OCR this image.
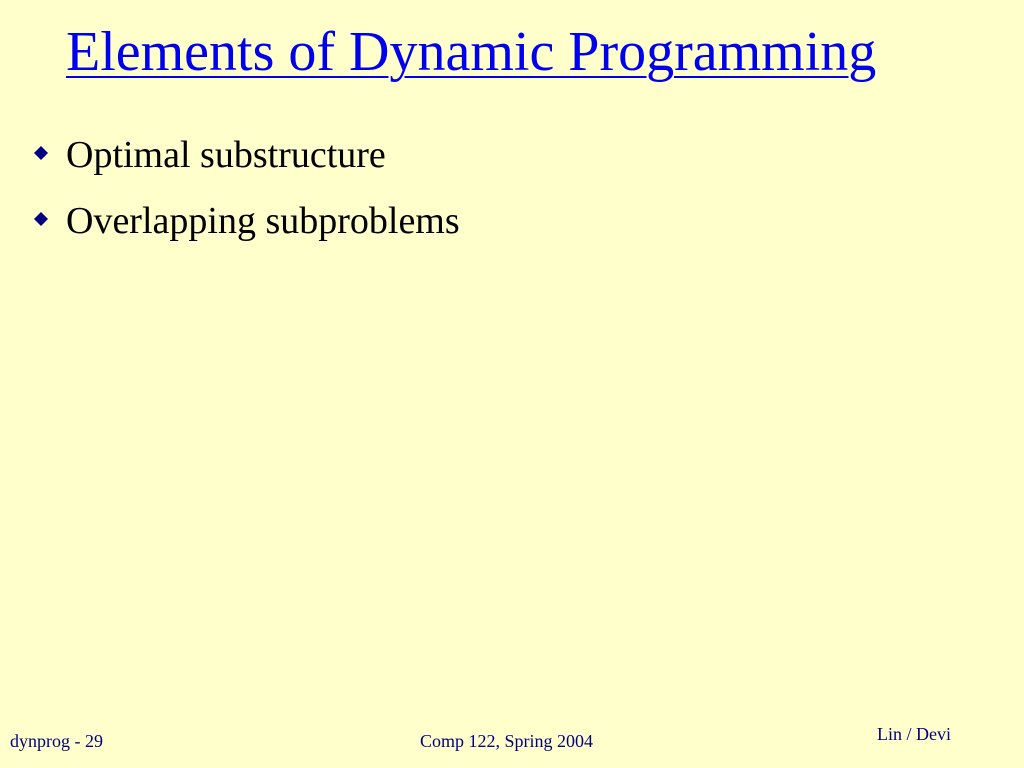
Elements of Dynamic Programming
Optimal substructure
Overlapping subproblems
dynprog - 29	Comp 122, Spring 2004	Lin / Devi
